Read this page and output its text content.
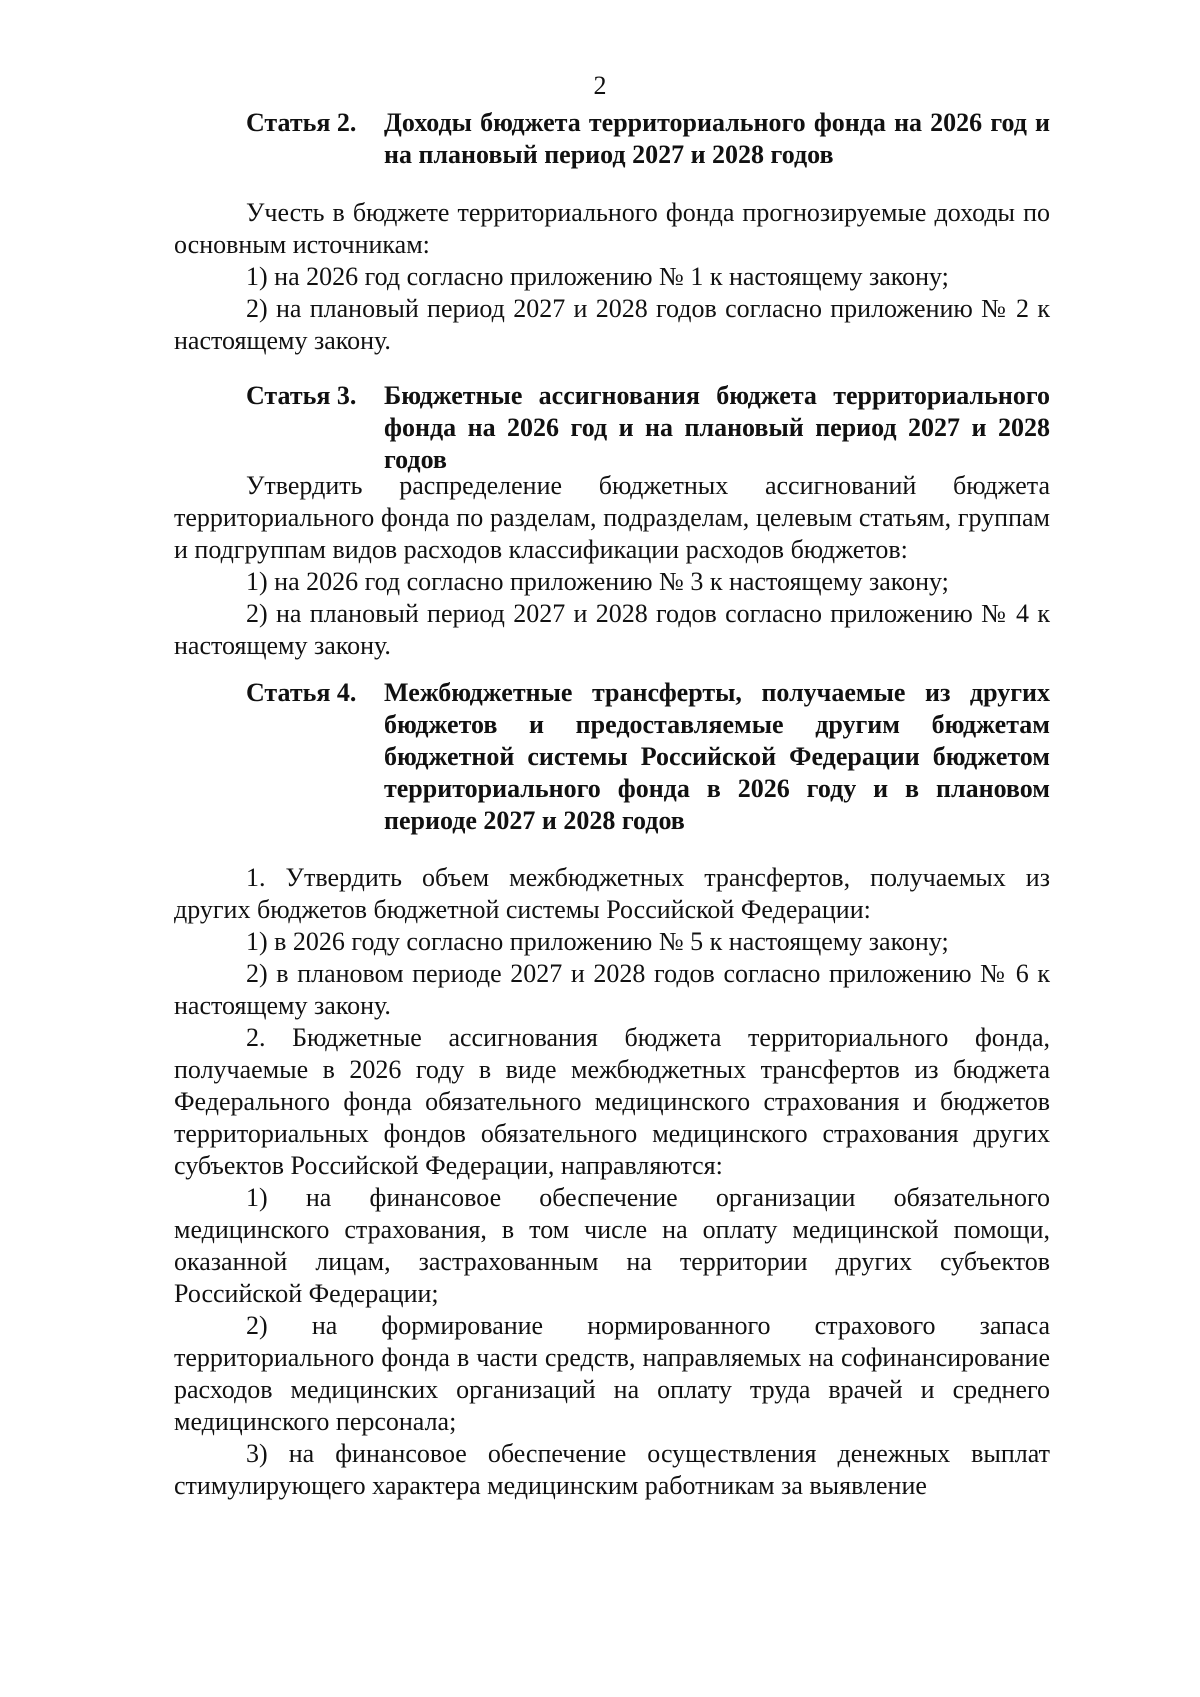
2
Статья 2.	Доходы бюджета территориального фонда на 2026 год и на плановый период 2027 и 2028 годов

Учесть в бюджете территориального фонда прогнозируемые доходы по основным источникам:

1) на 2026 год согласно приложению № 1 к настоящему закону;

2) на плановый период 2027 и 2028 годов согласно приложению № 2 к настоящему закону.

Статья 3.	Бюджетные ассигнования бюджета территориального фонда на 2026 год и на плановый период 2027 и 2028 годов

Утвердить распределение бюджетных ассигнований бюджета территориального фонда по разделам, подразделам, целевым статьям, группам и подгруппам видов расходов классификации расходов бюджетов:

1) на 2026 год согласно приложению № 3 к настоящему закону;

2) на плановый период 2027 и 2028 годов согласно приложению № 4 к настоящему закону.

Статья 4.	Межбюджетные трансферты, получаемые из других бюджетов и предоставляемые другим бюджетам бюджетной системы Российской Федерации бюджетом территориального фонда в 2026 году и в плановом периоде 2027 и 2028 годов

1. Утвердить объем межбюджетных трансфертов, получаемых из других бюджетов бюджетной системы Российской Федерации:

1) в 2026 году согласно приложению № 5 к настоящему закону;

2) в плановом периоде 2027 и 2028 годов согласно приложению № 6 к настоящему закону.

2. Бюджетные ассигнования бюджета территориального фонда, получаемые в 2026 году в виде межбюджетных трансфертов из бюджета Федерального фонда обязательного медицинского страхования и бюджетов территориальных фондов обязательного медицинского страхования других субъектов Российской Федерации, направляются:

1) на финансовое обеспечение организации обязательного медицинского страхования, в том числе на оплату медицинской помощи, оказанной лицам, застрахованным на территории других субъектов Российской Федерации;

2) на формирование нормированного страхового запаса территориального фонда в части средств, направляемых на софинансирование расходов медицинских организаций на оплату труда врачей и среднего медицинского персонала;

3) на финансовое обеспечение осуществления денежных выплат стимулирующего характера медицинским работникам за выявление
